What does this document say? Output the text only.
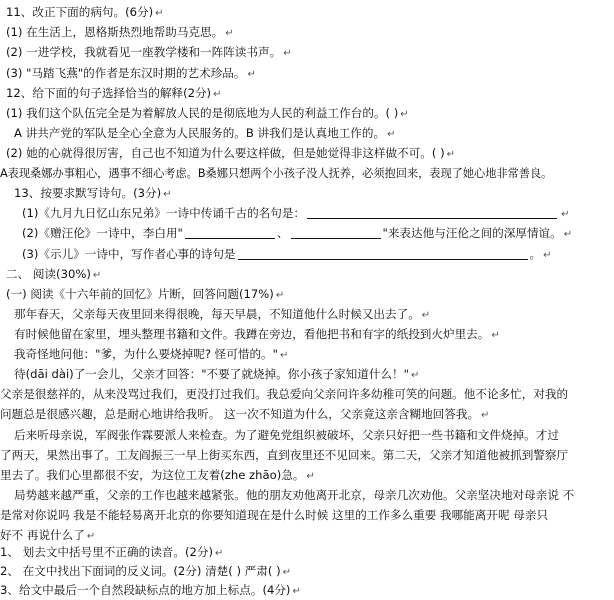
11、改正下面的病句。(6分) ↵
(1) 在生活上，恩格斯热烈地帮助马克思。 ↵
(2) 一进学校，我就看见一座教学楼和一阵阵读书声。 ↵
(3) "马踏飞燕"的作者是东汉时期的艺术珍品。 ↵
12、给下面的句子选择恰当的解释(2分) ↵
(1) 我们这个队伍完全是为着解放人民的是彻底地为人民的利益工作台的。( ) ↵
A 讲共产党的军队是全心全意为人民服务的。B 讲我们是认真地工作的。 ↵
(2) 她的心就得很厉害，自己也不知道为什么要这样做，但是她觉得非这样做不可。( ) ↵
A表现桑娜办事粗心，遇事不细心考虑。B桑娜只想两个小孩子没人抚养，必须抱回来，表现了她心地非常善良。
13、按要求默写诗句。(3分) ↵
(1)《九月九日忆山东兄弟》一诗中传诵千古的名句是：	↵
(2)《赠汪伦》一诗中，李白用"	、	"来表达他与汪伦之间的深厚情谊。 ↵
(3)《示儿》一诗中，写作者心事的诗句是	。 ↵
二、 阅读(30%) ↵
(一) 阅读《十六年前的回忆》片断，回答问题(17%) ↵
那年春天，父亲每天夜里回来得很晚，每天早晨，不知道他什么时候又出去了。 ↵
有时候他留在家里，埋头整理书籍和文件。我蹲在旁边，看他把书和有字的纸投到火炉里去。 ↵
我奇怪地问他："爹，为什么要烧掉呢? 怪可惜的。" ↵
待(dāi dài)了一会儿，父亲才回答："不要了就烧掉。你小孩子家知道什么！" ↵
父亲是很慈祥的，从来没骂过我们，更没打过我们。我总爱向父亲问许多幼稚可笑的问题。他不论多忙，对我的
问题总是很感兴趣，总是耐心地讲给我听。 这一次不知道为什么，父亲竟这亲含糊地回答我。 ↵
后来听母亲说，军阀张作霖要派人来检查。为了避免党组织被破坏，父亲只好把一些书籍和文件烧掉。才过
了两天，果然出事了。工友阎振三一早上街买东西，直到夜里还不见回来。第二天，父亲才知道他被抓到警察厅
里去了。我们心里都很不安，为这位工友着(zhe zhāo)急。 ↵
局势越来越严重，父亲的工作也越来越紧张。他的朋友劝他离开北京，母亲几次劝他。父亲坚决地对母亲说 不
是常对你说吗 我是不能轻易离开北京的你要知道现在是什么时候 这里的工作多么重要 我哪能离开呢 母亲只
好不 再说什么了 ↵
1、 划去文中括号里不正确的读音。(2分) ↵
2、 在文中找出下面词的反义词。(2分) 清楚( ) 严肃( ) ↵
3、给文中最后一个自然段缺标点的地方加上标点。(4分) ↵
